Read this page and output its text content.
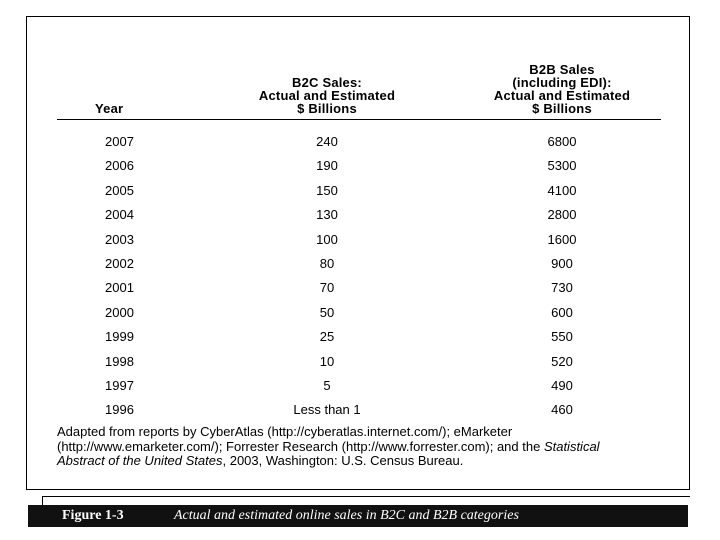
Year
B2C Sales:
Actual and Estimated
$ Billions
B2B Sales
(including EDI):
Actual and Estimated
$ Billions
2007	240	6800
2006	190	5300
2005	150	4100
2004	130	2800
2003	100	1600
2002	80	900
2001	70	730
2000	50	600
1999	25	550
1998	10	520
1997	5	490
1996	Less than 1	460
Adapted from reports by CyberAtlas (http://cyberatlas.internet.com/); eMarketer
(http://www.emarketer.com/); Forrester Research (http://www.forrester.com); and the Statistical
Abstract of the United States, 2003, Washington: U.S. Census Bureau.
Figure 1-3	Actual and estimated online sales in B2C and B2B categories
